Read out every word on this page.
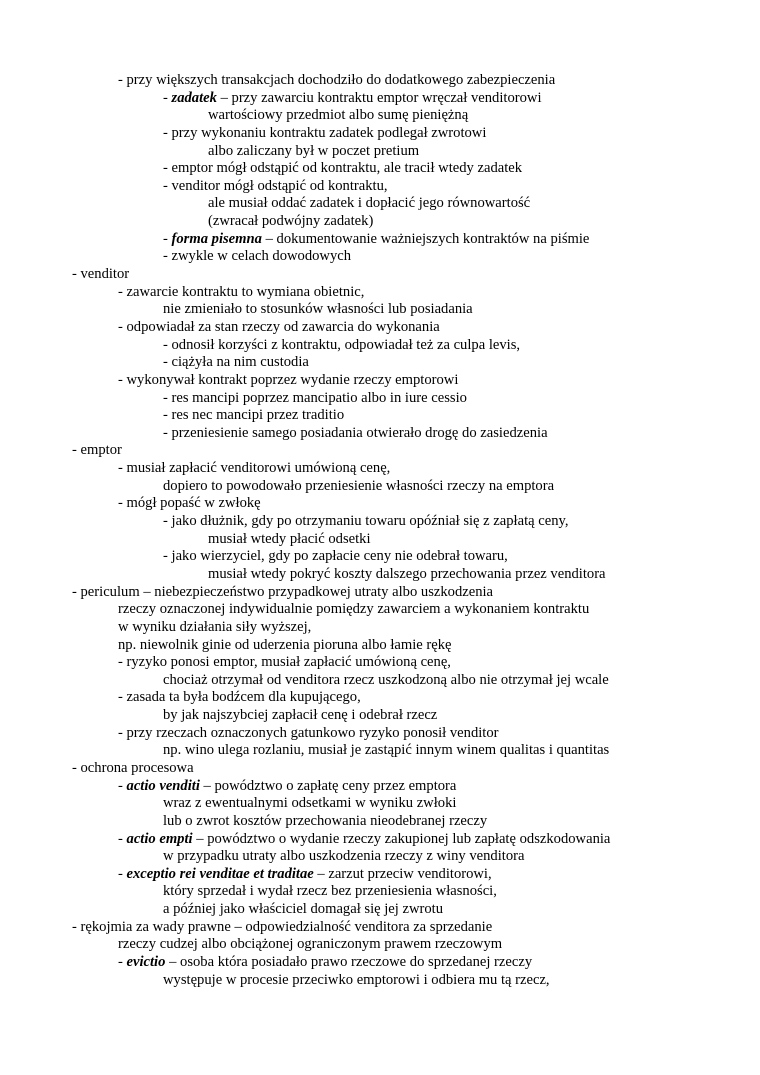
- przy większych transakcjach dochodziło do dodatkowego zabezpieczenia
- zadatek – przy zawarciu kontraktu emptor wręczał venditorowi
wartościowy przedmiot albo sumę pieniężną
- przy wykonaniu kontraktu zadatek podlegał zwrotowi
albo zaliczany był w poczet pretium
- emptor mógł odstąpić od kontraktu, ale tracił wtedy zadatek
- venditor mógł odstąpić od kontraktu,
ale musiał oddać zadatek i dopłacić jego równowartość
(zwracał podwójny zadatek)
- forma pisemna – dokumentowanie ważniejszych kontraktów na piśmie
- zwykle w celach dowodowych
- venditor
- zawarcie kontraktu to wymiana obietnic,
nie zmieniało to stosunków własności lub posiadania
- odpowiadał za stan rzeczy od zawarcia do wykonania
- odnosił korzyści z kontraktu, odpowiadał też za culpa levis,
- ciążyła na nim custodia
- wykonywał kontrakt poprzez wydanie rzeczy emptorowi
- res mancipi poprzez mancipatio albo in iure cessio
- res nec mancipi przez traditio
- przeniesienie samego posiadania otwierało drogę do zasiedzenia
- emptor
- musiał zapłacić venditorowi umówioną cenę,
dopiero to powodowało przeniesienie własności rzeczy na emptora
- mógł popaść w zwłokę
- jako dłużnik, gdy po otrzymaniu towaru opóźniał się z zapłatą ceny,
musiał wtedy płacić odsetki
- jako wierzyciel, gdy po zapłacie ceny nie odebrał towaru,
musiał wtedy pokryć koszty dalszego przechowania przez venditora
- periculum – niebezpieczeństwo przypadkowej utraty albo uszkodzenia
rzeczy oznaczonej indywidualnie pomiędzy zawarciem a wykonaniem kontraktu
w wyniku działania siły wyższej,
np. niewolnik ginie od uderzenia pioruna albo łamie rękę
- ryzyko ponosi emptor, musiał zapłacić umówioną cenę,
chociaż otrzymał od venditora rzecz uszkodzoną albo nie otrzymał jej wcale
- zasada ta była bodźcem dla kupującego,
by jak najszybciej zapłacił cenę i odebrał rzecz
- przy rzeczach oznaczonych gatunkowo ryzyko ponosił venditor
np. wino ulega rozlaniu, musiał je zastąpić innym winem qualitas i quantitas
- ochrona procesowa
- actio venditi – powództwo o zapłatę ceny przez emptora
wraz z ewentualnymi odsetkami w wyniku zwłoki
lub o zwrot kosztów przechowania nieodebranej rzeczy
- actio empti – powództwo o wydanie rzeczy zakupionej lub zapłatę odszkodowania
w przypadku utraty albo uszkodzenia rzeczy z winy venditora
- exceptio rei venditae et traditae – zarzut przeciw venditorowi,
który sprzedał i wydał rzecz bez przeniesienia własności,
a później jako właściciel domagał się jej zwrotu
- rękojmia za wady prawne – odpowiedzialność venditora za sprzedanie
rzeczy cudzej albo obciążonej ograniczonym prawem rzeczowym
- evictio – osoba która posiadało prawo rzeczowe do sprzedanej rzeczy
występuje w procesie przeciwko emptorowi i odbiera mu tą rzecz,
